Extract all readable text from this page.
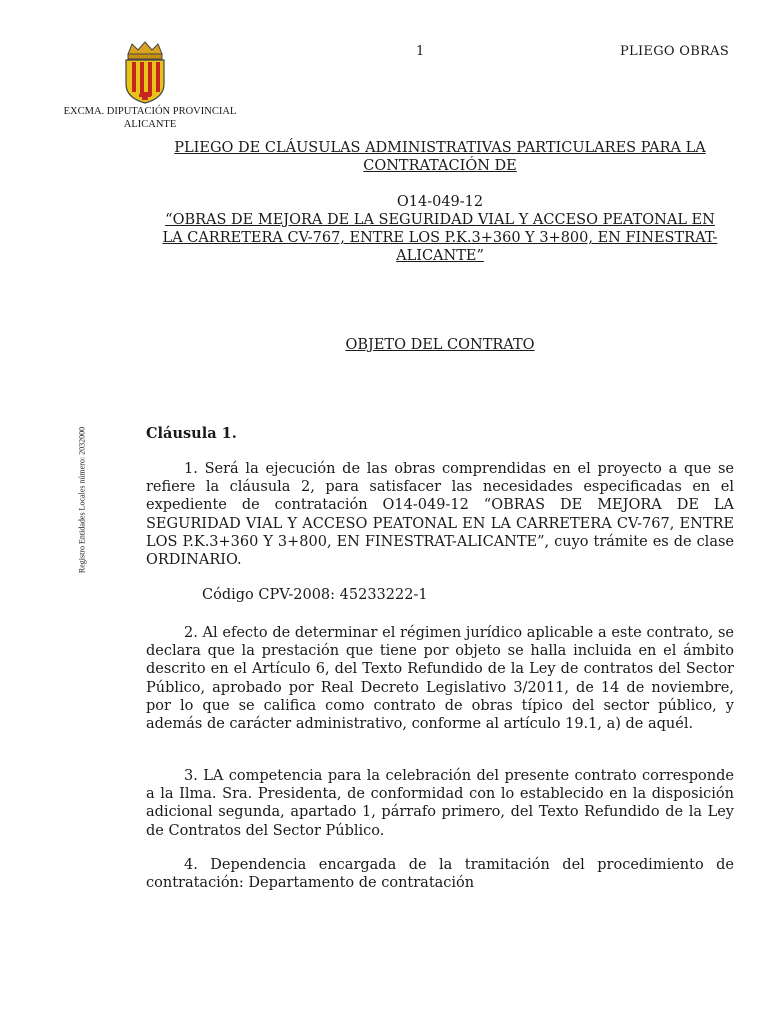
1	PLIEGO OBRAS
EXCMA. DIPUTACIÓN PROVINCIAL
ALICANTE
Registro Entidades Locales número: 2032000

PLIEGO DE CLÁUSULAS ADMINISTRATIVAS PARTICULARES PARA LA

CONTRATACIÓN DE

O14-049-12

“OBRAS DE MEJORA DE LA SEGURIDAD VIAL Y ACCESO PEATONAL EN

LA CARRETERA CV-767, ENTRE LOS P.K.3+360 Y 3+800, EN FINESTRAT-

ALICANTE”

OBJETO DEL CONTRATO
Cláusula 1.

1. Será la ejecución de las obras comprendidas en el proyecto a que se refiere la cláusula 2, para satisfacer las necesidades especificadas en el expediente de contratación O14-049-12 “OBRAS DE MEJORA DE LA SEGURIDAD VIAL Y ACCESO PEATONAL EN LA CARRETERA CV-767, ENTRE LOS P.K.3+360 Y 3+800, EN FINESTRAT-ALICANTE”, cuyo trámite es de clase ORDINARIO.

Código CPV-2008: 45233222-1

2. Al efecto de determinar el régimen jurídico aplicable a este contrato, se declara que la prestación que tiene por objeto se halla incluida en el ámbito descrito en el Artículo 6, del Texto Refundido de la Ley de contratos del Sector Público, aprobado por Real Decreto Legislativo 3/2011, de 14 de noviembre, por lo que se califica como contrato de obras típico del sector público, y además de carácter administrativo, conforme al artículo 19.1, a) de aquél.

3. LA competencia para la celebración del presente contrato corresponde a la Ilma. Sra. Presidenta, de conformidad con lo establecido en la disposición adicional segunda, apartado 1, párrafo primero, del Texto Refundido de la Ley de Contratos del Sector Público.

4. Dependencia encargada de la tramitación del procedimiento de contratación: Departamento de contratación
